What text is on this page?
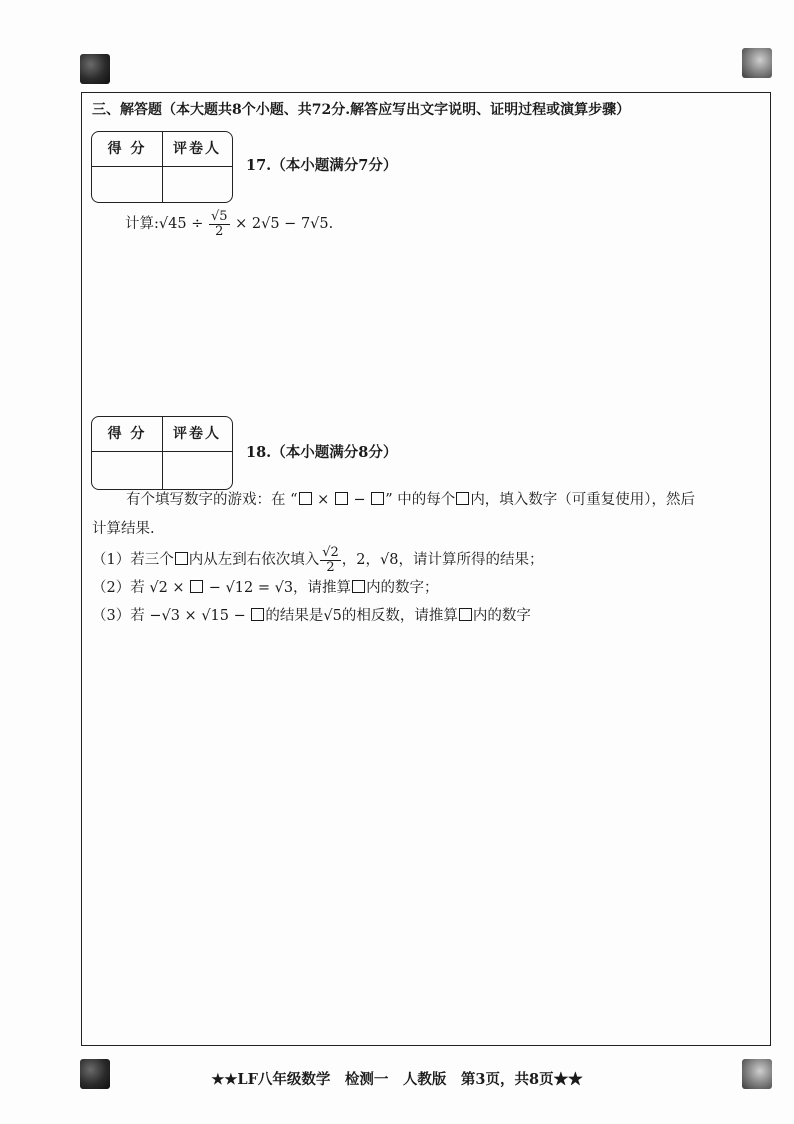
三、解答题（本大题共8个小题、共72分.解答应写出文字说明、证明过程或演算步骤）
得 分	评卷人
17.（本小题满分7分）
计算:√45 ÷ $\frac{√5}{2} \times 2√5 - 7√5$.
得 分	评卷人
18.（本小题满分8分）
有个填写数字的游戏：在 “ ×  − ” 中的每个 内，填入数字（可重复使用），然后
计算结果.
（1）若三个 内从左到右依次填入 $\frac{√2}{2}$ ，2，√8，请计算所得的结果；
（2）若 √2 ×  − √12 = √3，请推算 内的数字；
（3）若 −√3 × √15 − 的结果是√5的相反数，请推算 内的数字
★★LF八年级数学　检测一　人教版　第3页，共8页★★
